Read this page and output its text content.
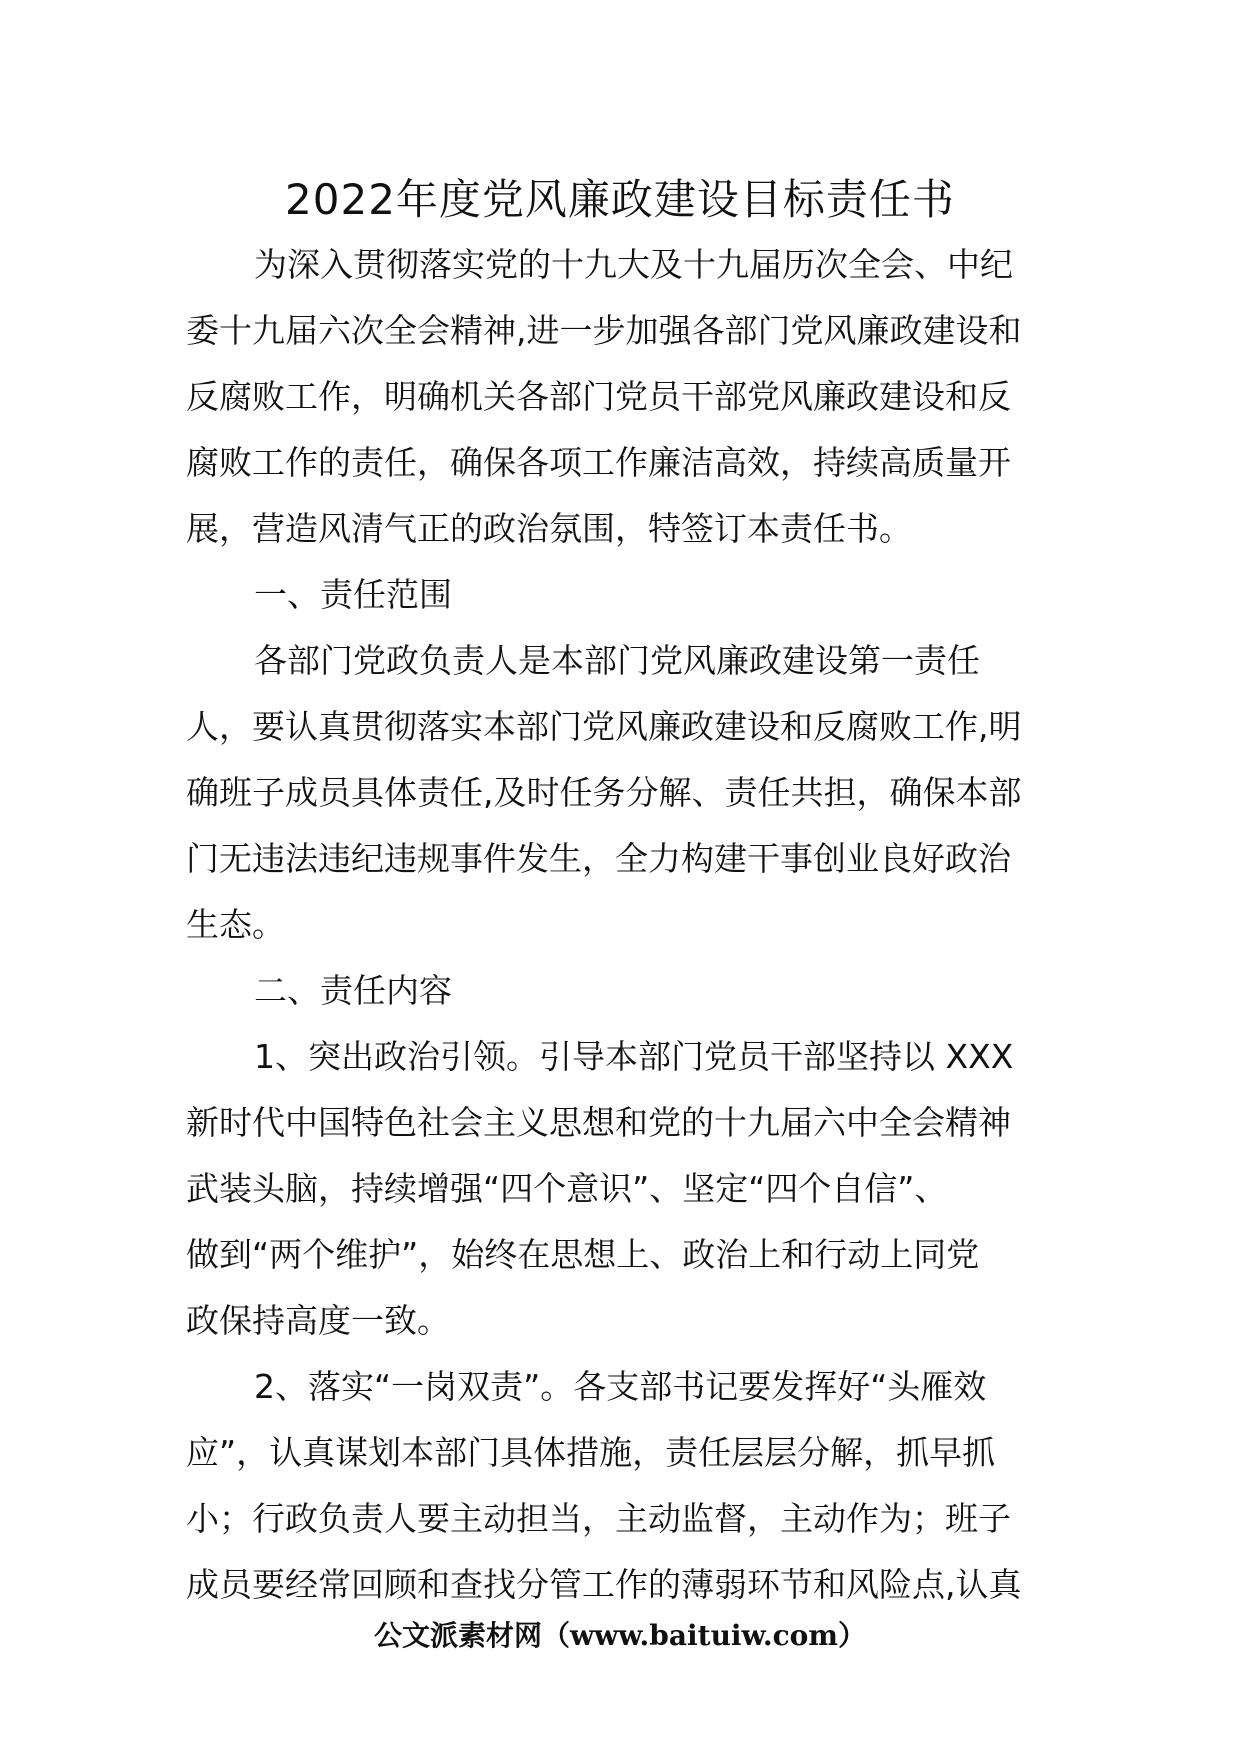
2022年度党风廉政建设目标责任书
为深入贯彻落实党的十九大及十九届历次全会、中纪
委十九届六次全会精神,进一步加强各部门党风廉政建设和
反腐败工作，明确机关各部门党员干部党风廉政建设和反
腐败工作的责任，确保各项工作廉洁高效，持续高质量开
展，营造风清气正的政治氛围，特签订本责任书。
一、责任范围
各部门党政负责人是本部门党风廉政建设第一责任
人，要认真贯彻落实本部门党风廉政建设和反腐败工作,明
确班子成员具体责任,及时任务分解、责任共担，确保本部
门无违法违纪违规事件发生，全力构建干事创业良好政治
生态。
二、责任内容
1、突出政治引领。引导本部门党员干部坚持以 XXX
新时代中国特色社会主义思想和党的十九届六中全会精神
武装头脑，持续增强“四个意识”、坚定“四个自信”、
做到“两个维护”，始终在思想上、政治上和行动上同党
政保持高度一致。
2、落实“一岗双责”。各支部书记要发挥好“头雁效
应”，认真谋划本部门具体措施，责任层层分解，抓早抓
小；行政负责人要主动担当，主动监督，主动作为；班子
成员要经常回顾和查找分管工作的薄弱环节和风险点,认真
公文派素材网（www.baituiw.com）
